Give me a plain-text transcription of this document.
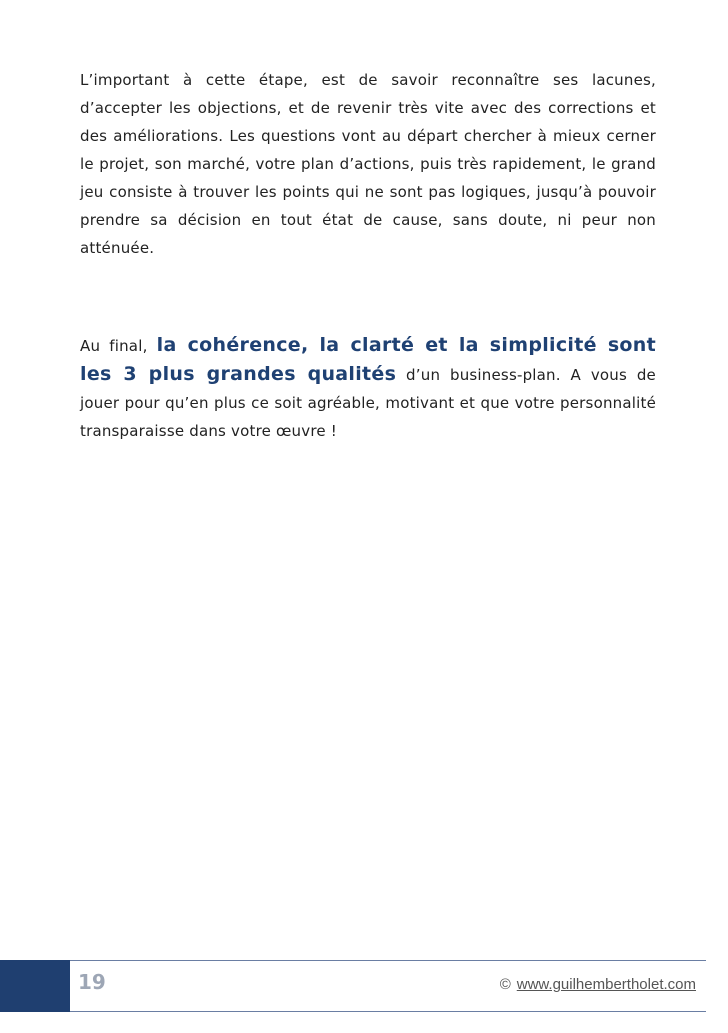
L’important à cette étape, est de savoir reconnaître ses lacunes, d’accepter les objections, et de revenir très vite avec des corrections et des améliorations. Les questions vont au départ chercher à mieux cerner le projet, son marché, votre plan d’actions, puis très rapidement, le grand jeu consiste à trouver les points qui ne sont pas logiques, jusqu’à pouvoir prendre sa décision en tout état de cause, sans doute, ni peur non atténuée.
Au final, la cohérence, la clarté et la simplicité sont les 3 plus grandes qualités d’un business-plan. A vous de jouer pour qu’en plus ce soit agréable, motivant et que votre personnalité transparaisse dans votre œuvre !
19	© www.guilhembertholet.com
